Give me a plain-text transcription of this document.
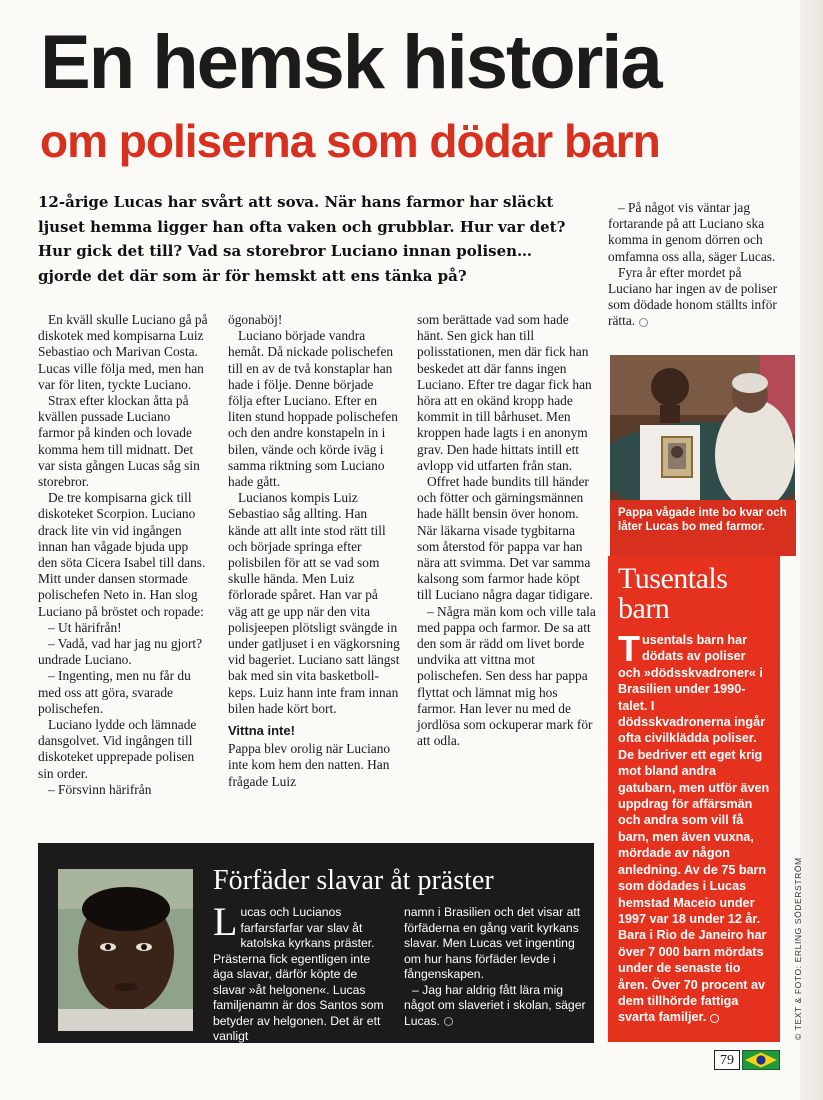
En hemsk historia
om poliserna som dödar barn
12-årige Lucas har svårt att sova. När hans farmor har släckt ljuset hemma ligger han ofta vaken och grubblar. Hur var det? Hur gick det till? Vad sa storebror Luciano innan polisen… gjorde det där som är för hemskt att ens tänka på?

En kväll skulle Luciano gå på diskotek med kompisarna Luiz Sebastiao och Marivan Costa. Lucas ville följa med, men han var för liten, tyckte Luciano.

Strax efter klockan åtta på kvällen pussade Luciano farmor på kinden och lovade komma hem till midnatt. Det var sista gången Lucas såg sin storebror.

De tre kompisarna gick till diskoteket Scorpion. Luciano drack lite vin vid ingången innan han vågade bjuda upp den söta Cicera Isabel till dans. Mitt under dansen stormade polischefen Neto in. Han slog Luciano på bröstet och ropade:

– Ut härifrån!

– Vadå, vad har jag nu gjort? undrade Luciano.

– Ingenting, men nu får du med oss att göra, svarade polischefen.

Luciano lydde och lämnade dansgolvet. Vid ingången till diskoteket upprepade polisen sin order.

– Försvinn härifrån

ögonaböj!

Luciano började vandra hemåt. Då nickade polischefen till en av de två konstaplar han hade i följe. Denne började följa efter Luciano. Efter en liten stund hoppade polischefen och den andre konstapeln in i bilen, vände och körde iväg i samma riktning som Luciano hade gått.

Lucianos kompis Luiz Sebastiao såg allting. Han kände att allt inte stod rätt till och började springa efter polisbilen för att se vad som skulle hända. Men Luiz förlorade spåret. Han var på väg att ge upp när den vita polisjeepen plötsligt svängde in under gatljuset i en vägkorsning vid bageriet. Luciano satt längst bak med sin vita basketboll-keps. Luiz hann inte fram innan bilen hade kört bort.

Vittna inte!

Pappa blev orolig när Luciano inte kom hem den natten. Han frågade Luiz

som berättade vad som hade hänt. Sen gick han till polisstationen, men där fick han beskedet att där fanns ingen Luciano. Efter tre dagar fick han höra att en okänd kropp hade kommit in till bårhuset. Men kroppen hade lagts i en anonym grav. Den hade hittats intill ett avlopp vid utfarten från stan.

Offret hade bundits till händer och fötter och gärningsmännen hade hällt bensin över honom. När läkarna visade tygbitarna som återstod för pappa var han nära att svimma. Det var samma kalsong som farmor hade köpt till Luciano några dagar tidigare.

– Några män kom och ville tala med pappa och farmor. De sa att den som är rädd om livet borde undvika att vittna mot polischefen. Sen dess har pappa flyttat och lämnat mig hos farmor. Han lever nu med de jordlösa som ockuperar mark för att odla.

– På något vis väntar jag fortarande på att Luciano ska komma in genom dörren och omfamna oss alla, säger Lucas.

Fyra år efter mordet på Luciano har ingen av de poliser som dödade honom ställts inför rätta.

Pappa vågade inte bo kvar och låter Lucas bo med farmor.
Tusentals barn

Tusentals barn har dödats av poliser och »dödsskvadroner« i Brasilien under 1990-talet. I dödsskvadronerna ingår ofta civilklädda poliser. De bedriver ett eget krig mot bland andra gatubarn, men utför även uppdrag för affärsmän och andra som vill få barn, men även vuxna, mördade av någon anledning. Av de 75 barn som dödades i Lucas hemstad Maceio under 1997 var 18 under 12 år. Bara i Rio de Janeiro har över 7 000 barn mördats under de senaste tio åren. Över 70 procent av dem tillhörde fattiga svarta familjer.

Förfäder slavar åt präster

Lucas och Lucianos farfarsfarfar var slav åt katolska kyrkans präster. Prästerna fick egentligen inte äga slavar, därför köpte de slavar »åt helgonen«. Lucas familjenamn är dos Santos som betyder av helgonen. Det är ett vanligt

namn i Brasilien och det visar att förfäderna en gång varit kyrkans slavar. Men Lucas vet ingenting om hur hans förfäder levde i fångenskapen.

– Jag har aldrig fått lära mig något om slaveriet i skolan, säger Lucas.	© TEXT & FOTO: ERLING SÖDERSTRÖM
79
